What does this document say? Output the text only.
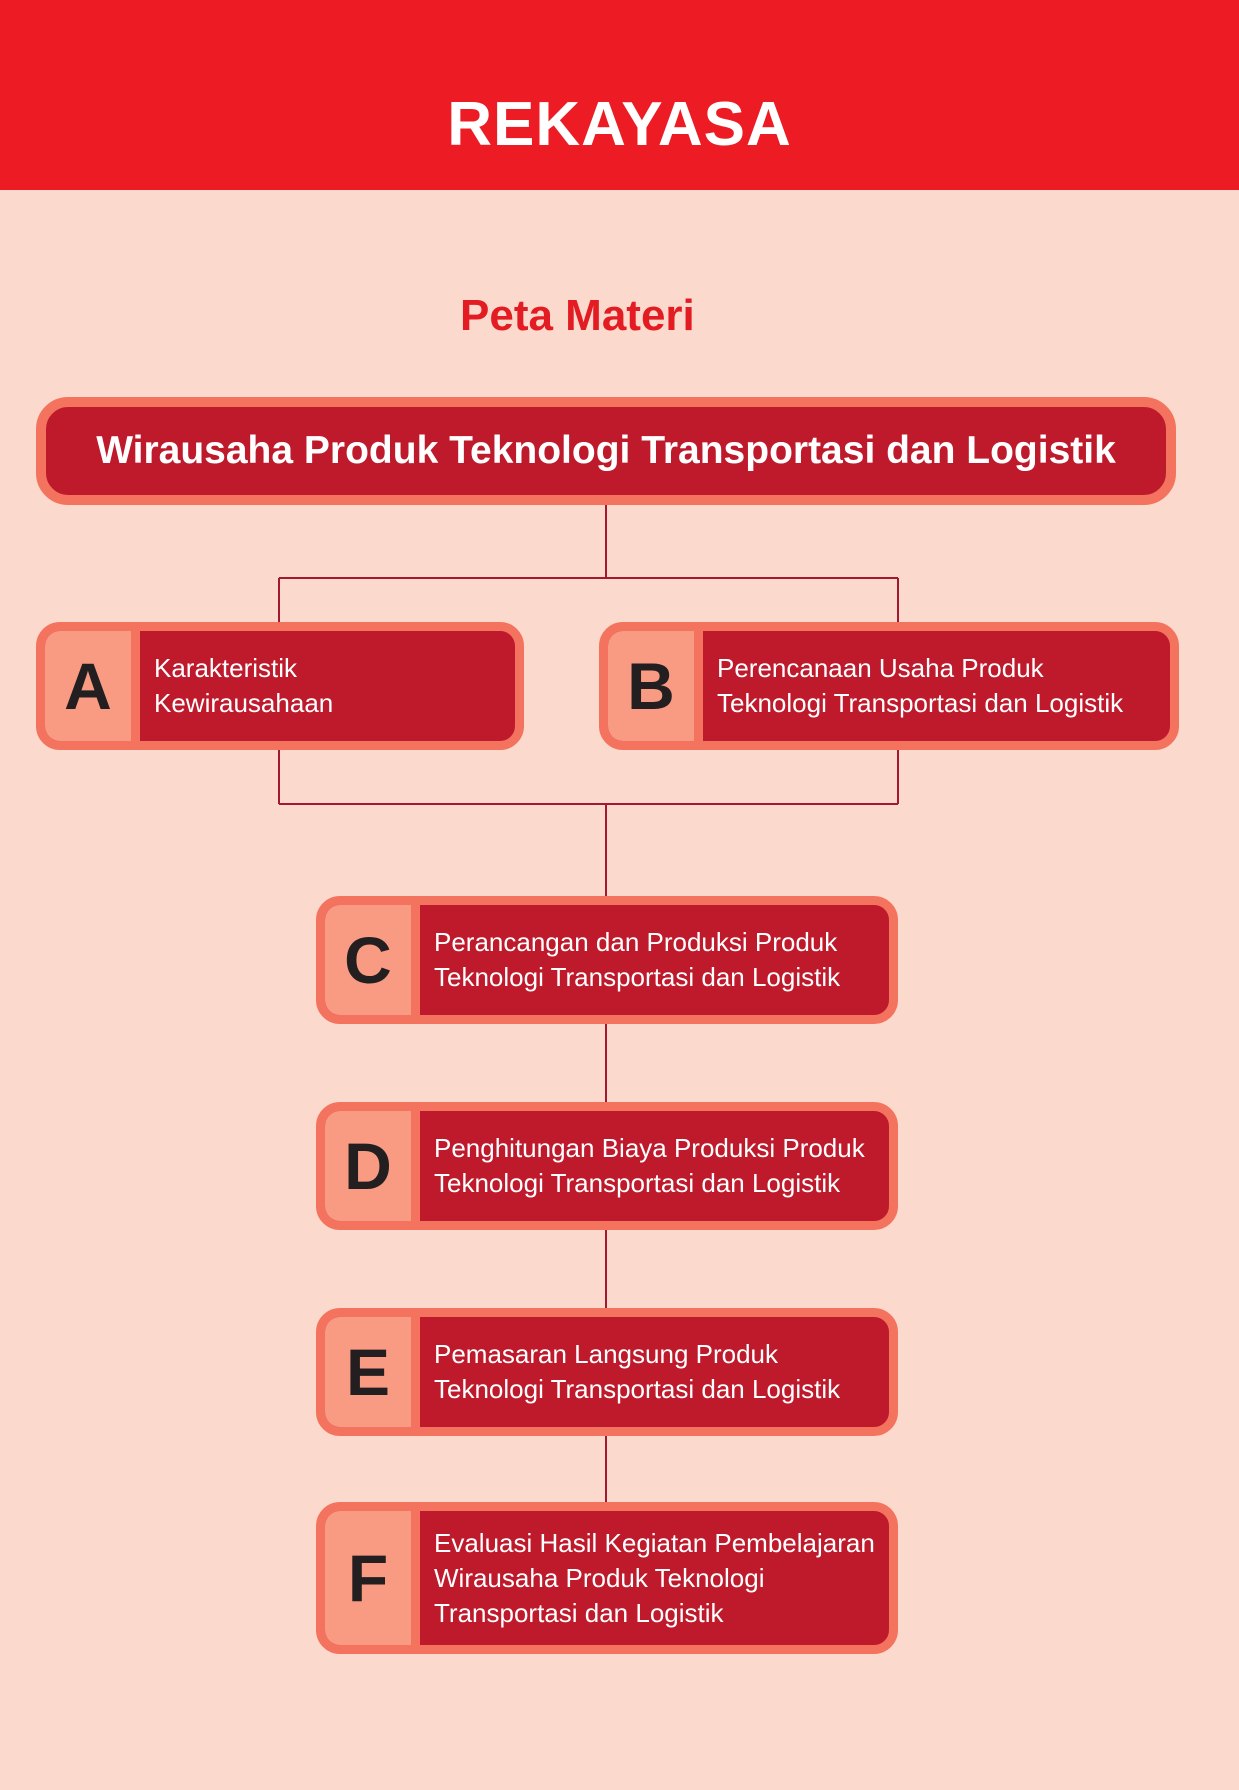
REKAYASA
Peta Materi
Wirausaha Produk Teknologi Transportasi dan Logistik
A	Karakteristik
Kewirausahaan	B	Perencanaan Usaha Produk
Teknologi Transportasi dan Logistik
C	Perancangan dan Produksi Produk
Teknologi Transportasi dan Logistik
D	Penghitungan Biaya Produksi Produk
Teknologi Transportasi dan Logistik
E	Pemasaran Langsung Produk
Teknologi Transportasi dan Logistik
F	Evaluasi Hasil Kegiatan Pembelajaran
Wirausaha Produk Teknologi
Transportasi dan Logistik
